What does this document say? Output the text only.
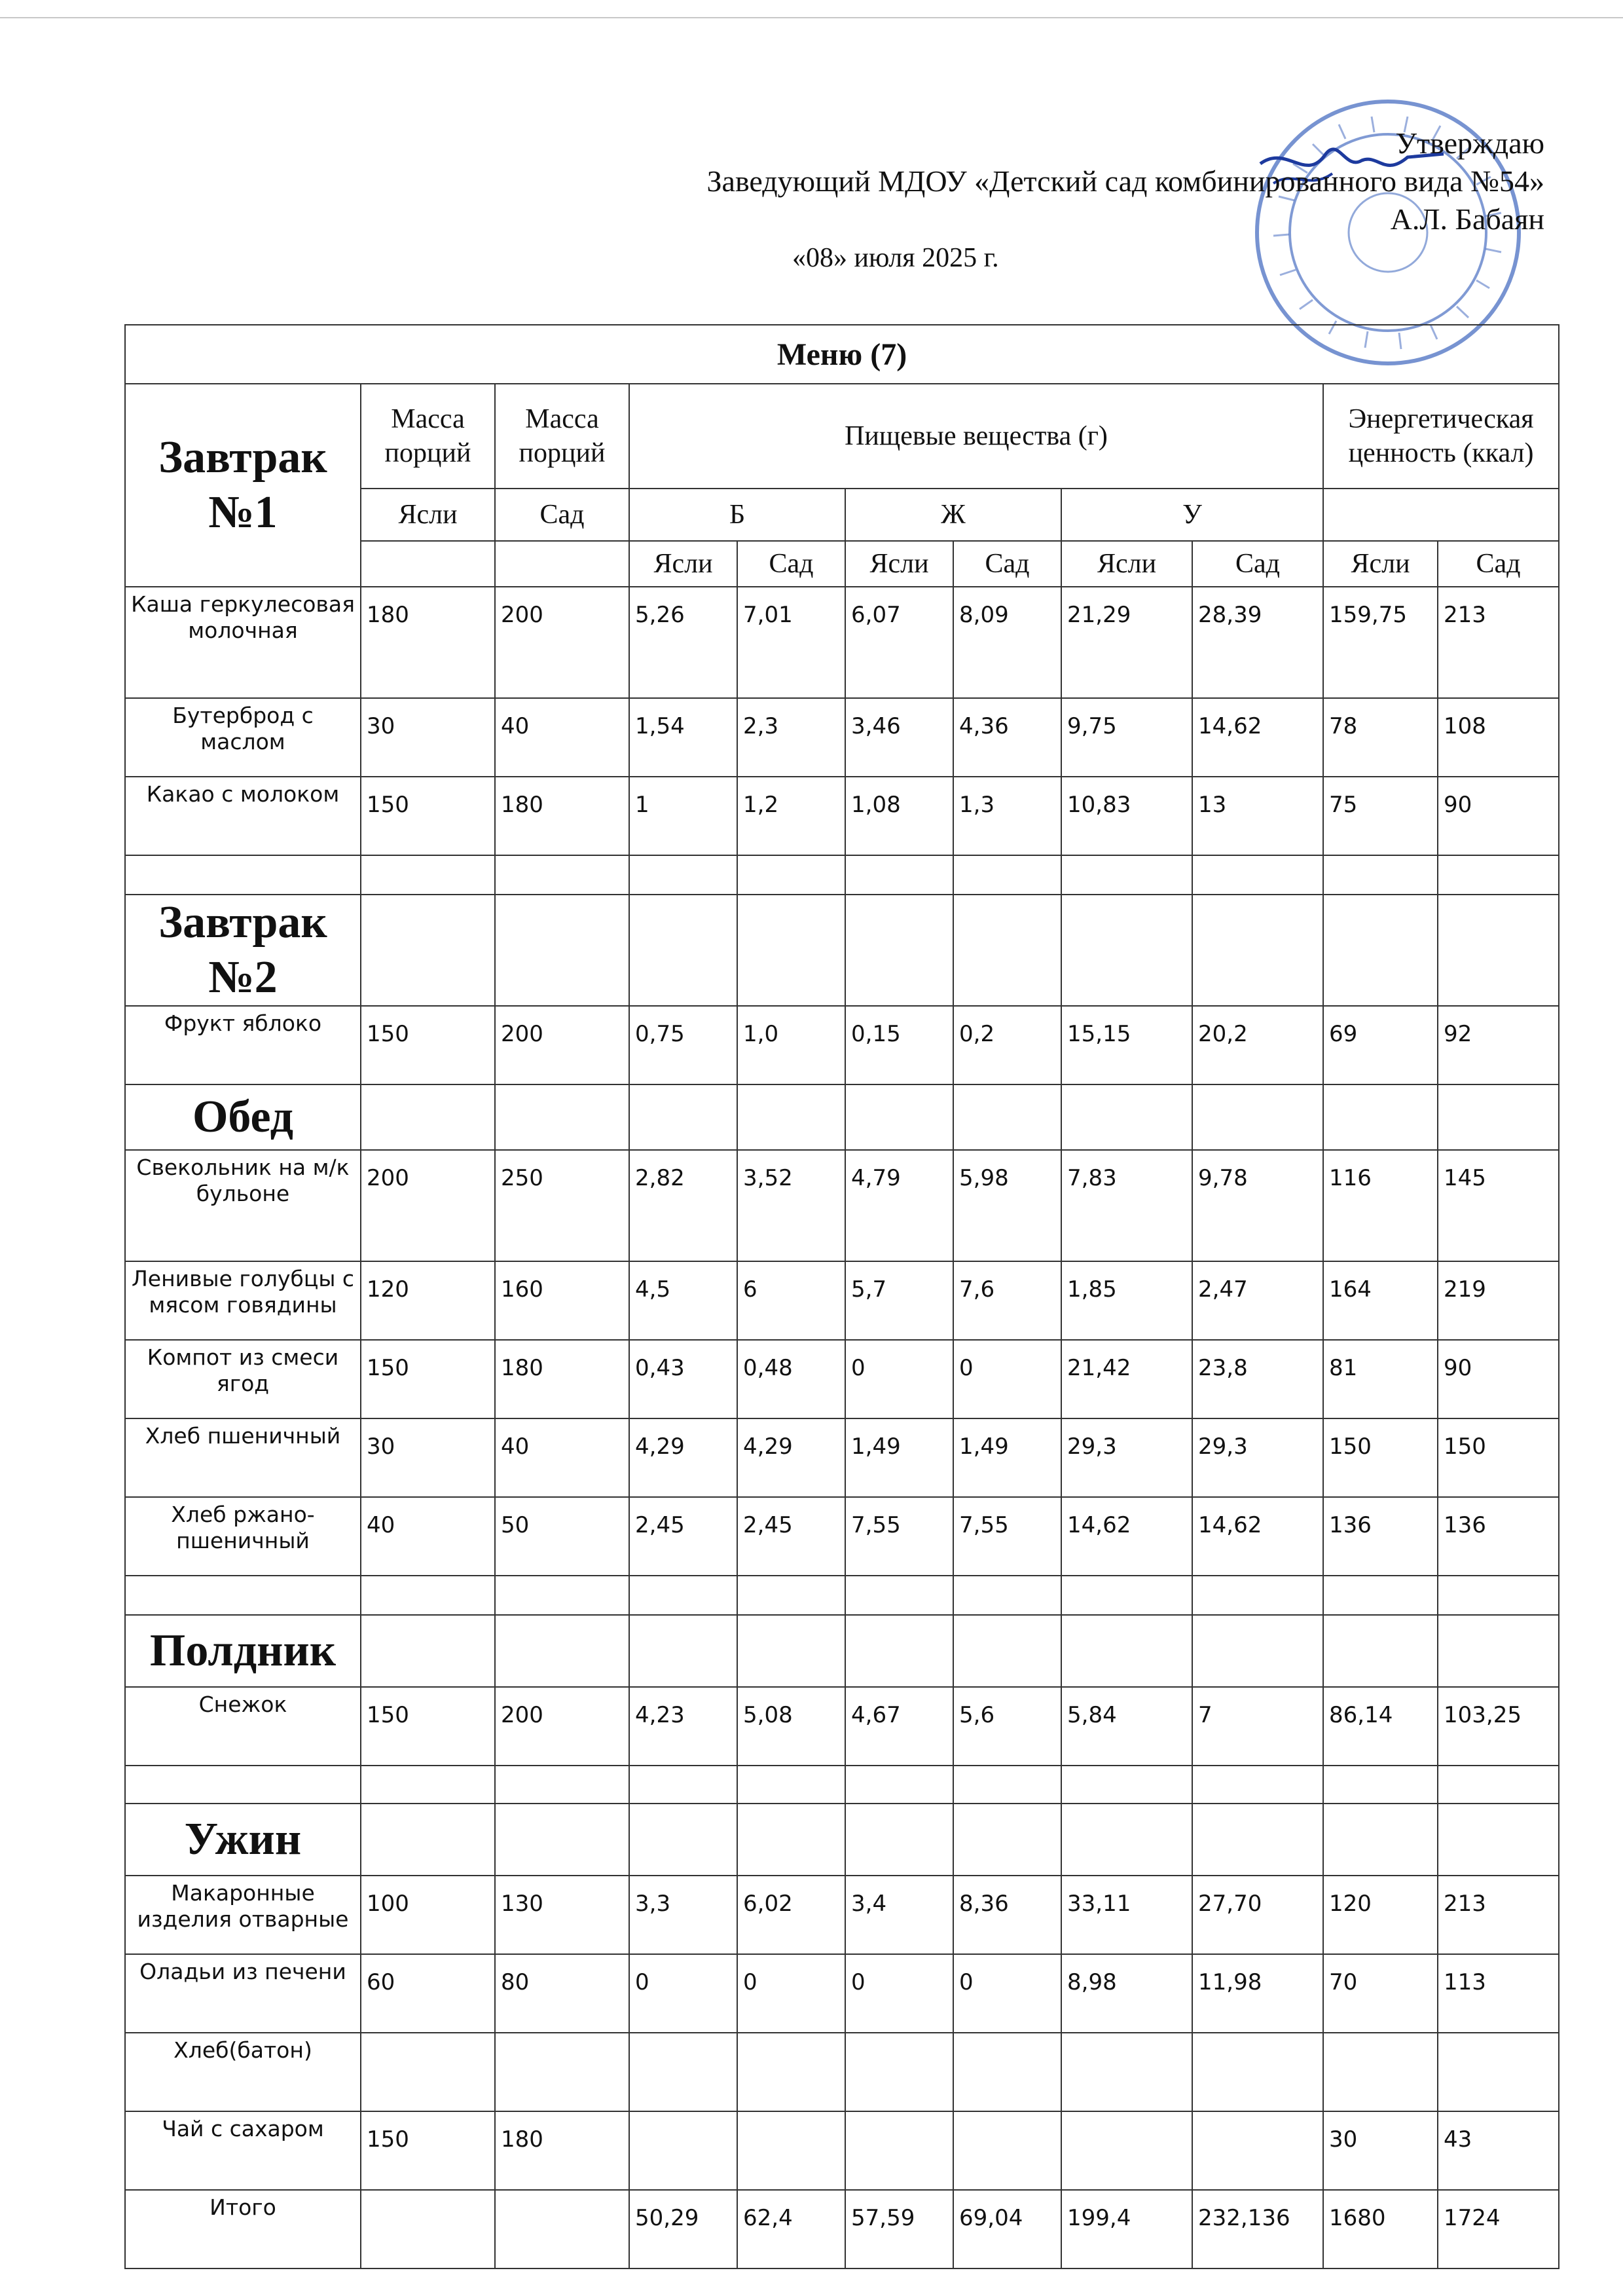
Утверждаю
Заведующий МДОУ «Детский сад комбинированного вида №54»
А.Л. Бабаян
«08» июля 2025 г.
Меню (7)										
Завтрак №1	Масса порций	Масса порций	Пищевые вещества (г)						Энергетическая ценность (ккал)	
	Ясли	Сад	Б		Ж		У			
			Ясли	Сад	Ясли	Сад	Ясли	Сад	Ясли	Сад
Каша геркулесовая молочная	180	200	5,26	7,01	6,07	8,09	21,29	28,39	159,75	213
Бутерброд с маслом	30	40	1,54	2,3	3,46	4,36	9,75	14,62	78	108
Какао с молоком	150	180	1	1,2	1,08	1,3	10,83	13	75	90

Завтрак №2										
Фрукт яблоко	150	200	0,75	1,0	0,15	0,2	15,15	20,2	69	92
Обед										
Свекольник на м/к бульоне	200	250	2,82	3,52	4,79	5,98	7,83	9,78	116	145
Ленивые голубцы с мясом говядины	120	160	4,5	6	5,7	7,6	1,85	2,47	164	219
Компот из смеси ягод	150	180	0,43	0,48	0	0	21,42	23,8	81	90
Хлеб пшеничный	30	40	4,29	4,29	1,49	1,49	29,3	29,3	150	150
Хлеб ржано-пшеничный	40	50	2,45	2,45	7,55	7,55	14,62	14,62	136	136

Полдник										
Снежок	150	200	4,23	5,08	4,67	5,6	5,84	7	86,14	103,25

Ужин										
Макаронные изделия отварные	100	130	3,3	6,02	3,4	8,36	33,11	27,70	120	213
Оладьи из печени	60	80	0	0	0	0	8,98	11,98	70	113
Хлеб(батон)										
Чай с сахаром	150	180							30	43
Итого			50,29	62,4	57,59	69,04	199,4	232,136	1680	1724
